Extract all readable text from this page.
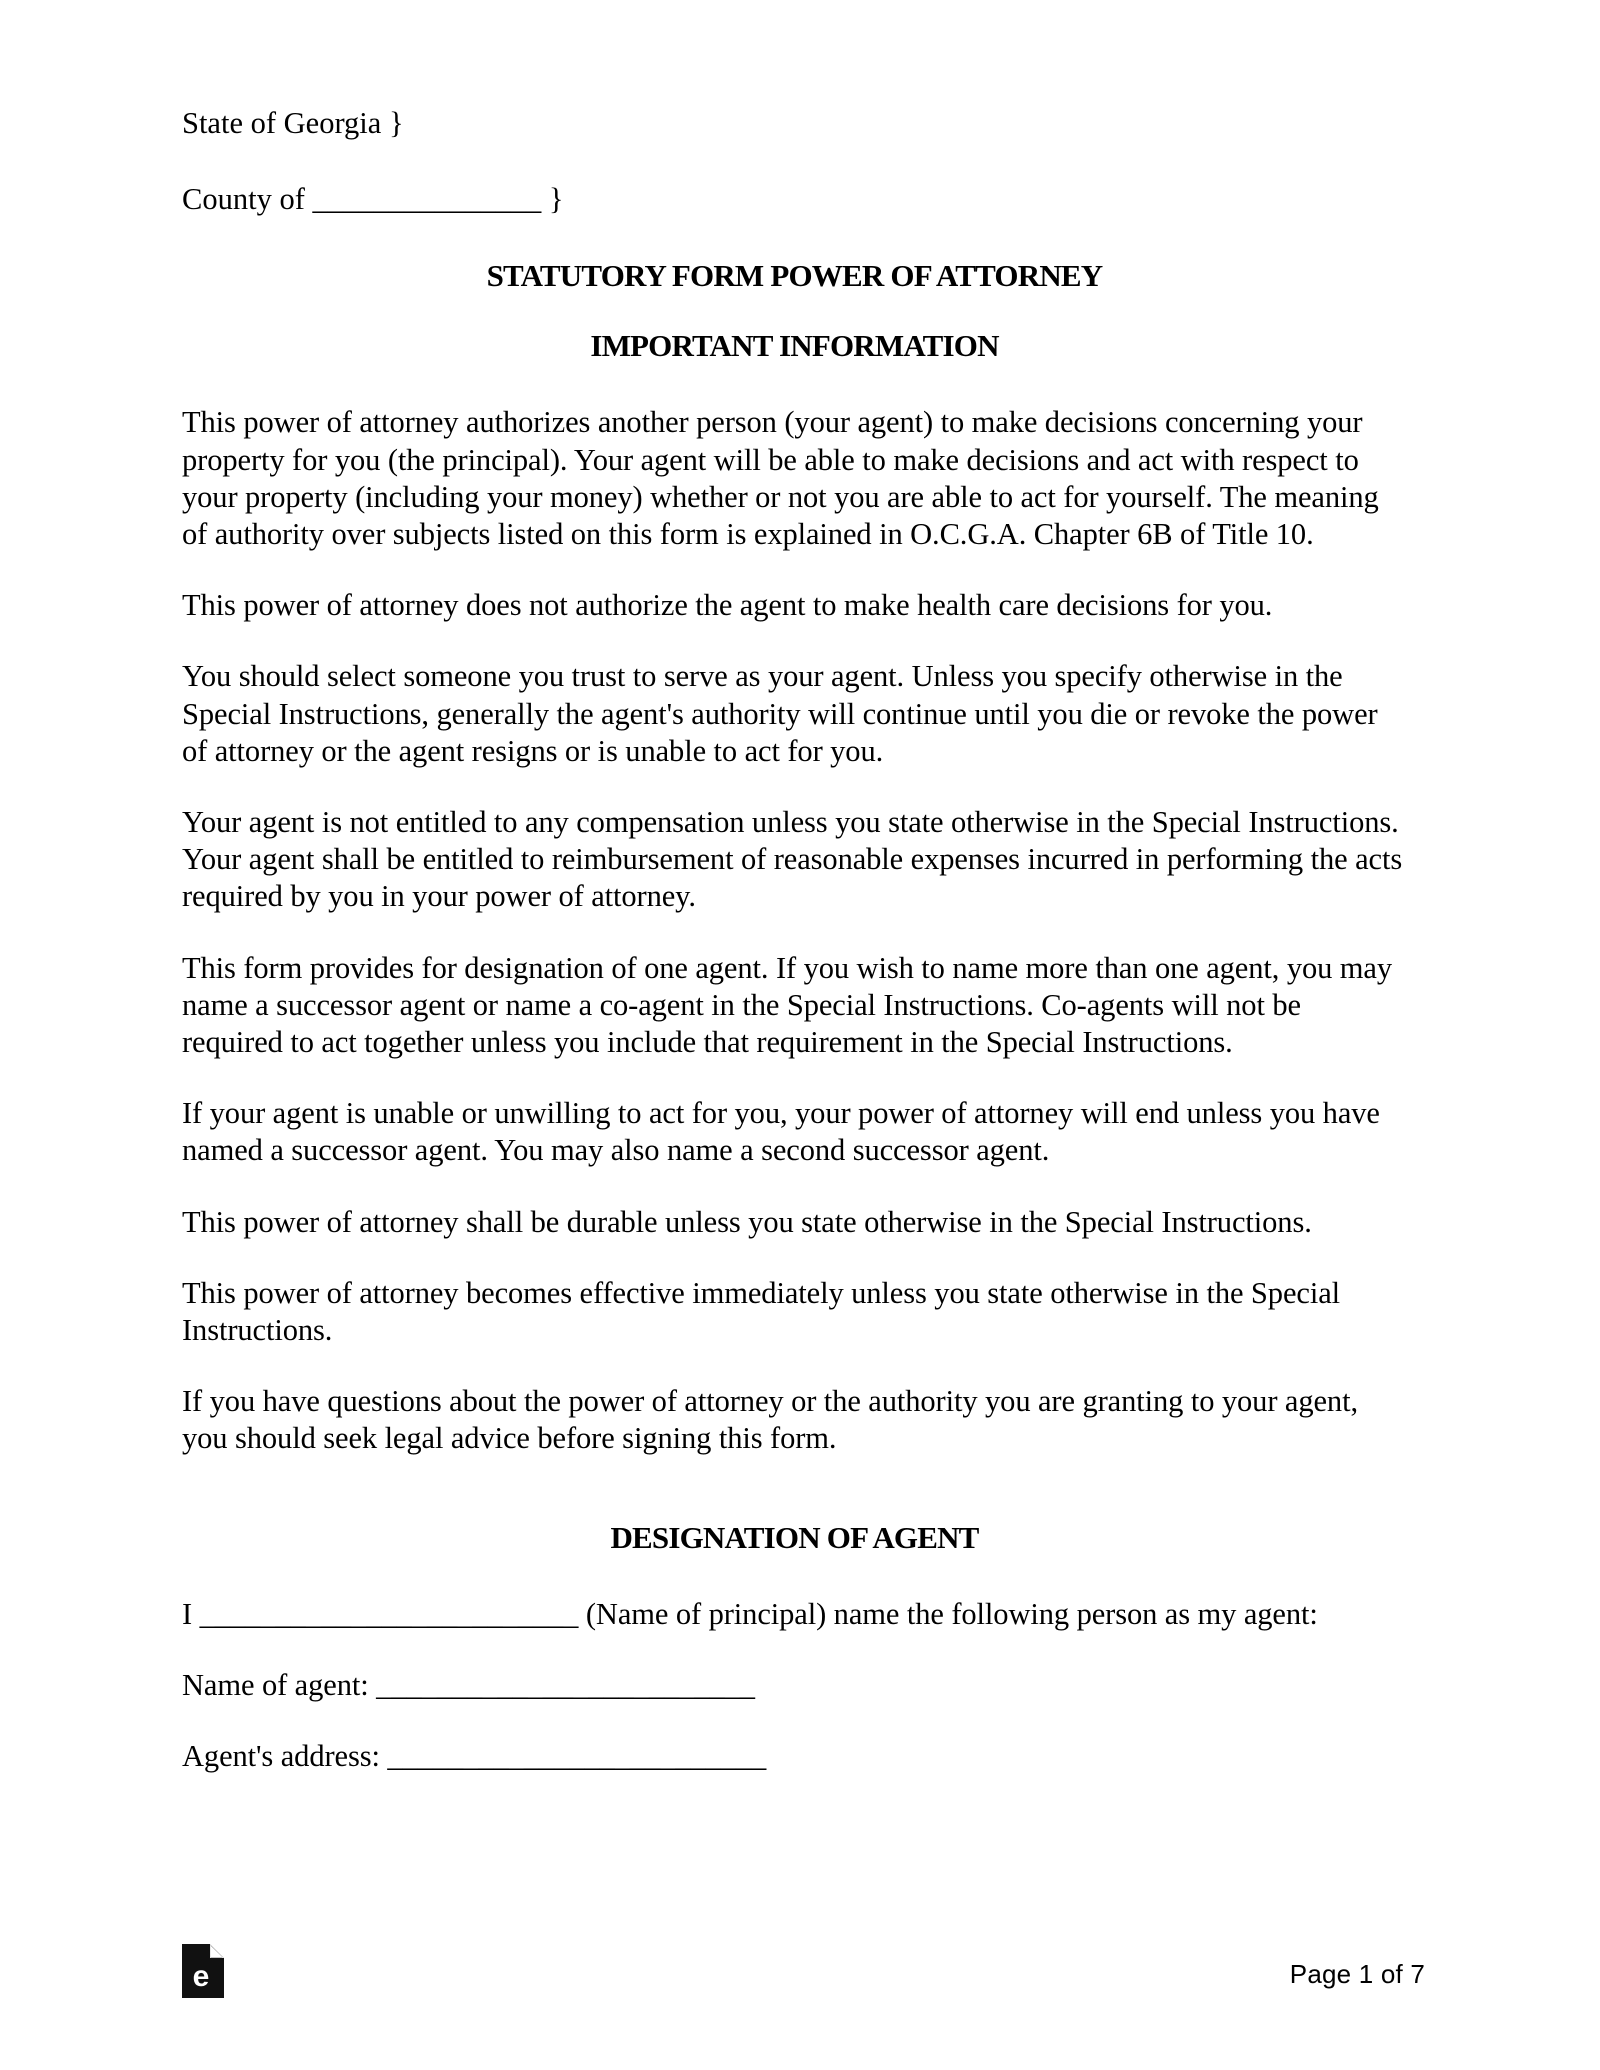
State of Georgia }
County of _______________ }
STATUTORY FORM POWER OF ATTORNEY
IMPORTANT INFORMATION

This power of attorney authorizes another person (your agent) to make decisions concerning your property for you (the principal). Your agent will be able to make decisions and act with respect to your property (including your money) whether or not you are able to act for yourself. The meaning of authority over subjects listed on this form is explained in O.C.G.A. Chapter 6B of Title 10.

This power of attorney does not authorize the agent to make health care decisions for you.

You should select someone you trust to serve as your agent. Unless you specify otherwise in the Special Instructions, generally the agent's authority will continue until you die or revoke the power of attorney or the agent resigns or is unable to act for you.

Your agent is not entitled to any compensation unless you state otherwise in the Special Instructions. Your agent shall be entitled to reimbursement of reasonable expenses incurred in performing the acts required by you in your power of attorney.

This form provides for designation of one agent. If you wish to name more than one agent, you may name a successor agent or name a co-agent in the Special Instructions. Co-agents will not be required to act together unless you include that requirement in the Special Instructions.

If your agent is unable or unwilling to act for you, your power of attorney will end unless you have named a successor agent. You may also name a second successor agent.

This power of attorney shall be durable unless you state otherwise in the Special Instructions.

This power of attorney becomes effective immediately unless you state otherwise in the Special Instructions.

If you have questions about the power of attorney or the authority you are granting to your agent, you should seek legal advice before signing this form.

DESIGNATION OF AGENT

I _________________________ (Name of principal) name the following person as my agent:

Name of agent: _________________________

Agent's address: _________________________

e	Page 1 of 7
